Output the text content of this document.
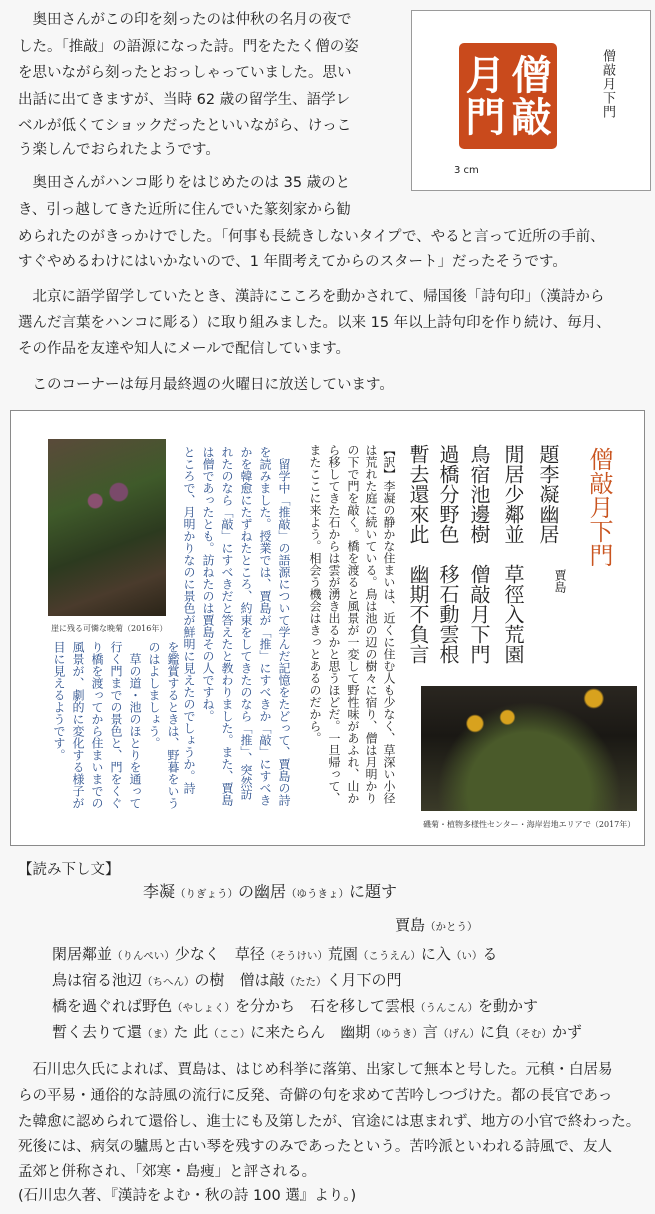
　奥田さんがこの印を刻ったのは仲秋の名月の夜で
した。「推敲」の語源になった詩。門をたたく僧の姿
を思いながら刻ったとおっしゃっていました。思い
出話に出てきますが、当時 62 歳の留学生、語学レ
ベルが低くてショックだったといいながら、けっこ
う楽しんでおられたようです。
　奥田さんがハンコ彫りをはじめたのは 35 歳のと
き、引っ越してきた近所に住んでいた篆刻家から勧
められたのがきっかけでした。「何事も長続きしないタイプで、やると言って近所の手前、
すぐやめるわけにはいかないので、1 年間考えてからのスタート」だったそうです。
　北京に語学留学していたとき、漢詩にこころを動かされて、帰国後「詩句印」（漢詩から
選んだ言葉をハンコに彫る）に取り組みました。以来 15 年以上詩句印を作り続け、毎月、
その作品を友達や知人にメールで配信しています。
　このコーナーは毎月最終週の火曜日に放送しています。
僧敲月門	僧敲月下門
3 cm
崖に残る可憐な晩菊（2016年）
磯菊・植物多様性センター・海岸岩地エリアで（2017年）
僧敲月下門
賈島
題李凝幽居
閒居少鄰並　草徑入荒園
鳥宿池邊樹　僧敲月下門
過橋分野色　移石動雲根
暫去還來此　幽期不負言
【訳】李凝の静かな住まいは、近くに住む人も少なく、草深い小径
は荒れた庭に続いている。鳥は池の辺の樹々に宿り、僧は月明かり
の下で門を敲く。橋を渡ると風景が一変して野性味があふれ、山か
ら移してきた石からは雲が湧き出るかと思うほどだ。一旦帰って、
またここに来よう。相会う機会はきっとあるのだから。
　留学中「推敲」の語源について学んだ記憶をたどって、賈島の詩
を読みました。授業では、賈島が「推」にすべきか「敲」にすべき
かを韓愈にたずねたところ、約束をしてきたのなら「推」、突然訪
れたのなら「敲」にすべきだと答えたと教わりました。また、賈島
は僧であったとも。訪ねたのは賈島その人ですね。
ところで、月明かりなのに景色が鮮明に見えたのでしょうか。詩
を鑑賞するときは、野暮をいう
のはよしましょう。
　草の道・池のほとりを通って
行く門までの景色と、門をくぐ
り橋を渡ってから住まいまでの
風景が、劇的に変化する様子が
目に見えるようです。
【読み下し文】
李凝（りぎょう）の幽居（ゆうきょ）に題す
賈島（かとう）
閑居鄰並（りんぺい）少なく　草径（そうけい）荒園（こうえん）に入（い）る
鳥は宿る池辺（ちへん）の樹　僧は敲（たた）く月下の門
橋を過ぐれば野色（やしょく）を分かち　石を移して雲根（うんこん）を動かす
暫く去りて還（ま）た 此（ここ）に来たらん　幽期（ゆうき）言（げん）に負（そむ）かず
　石川忠久氏によれば、賈島は、はじめ科挙に落第、出家して無本と号した。元稹・白居易
らの平易・通俗的な詩風の流行に反発、奇僻の句を求めて苦吟しつづけた。都の長官であっ
た韓愈に認められて還俗し、進士にも及第したが、官途には恵まれず、地方の小官で終わった。
死後には、病気の驢馬と古い琴を残すのみであったという。苦吟派といわれる詩風で、友人
孟郊と併称され、「郊寒・島痩」と評される。
(石川忠久著、『漢詩をよむ・秋の詩 100 選』より。)
